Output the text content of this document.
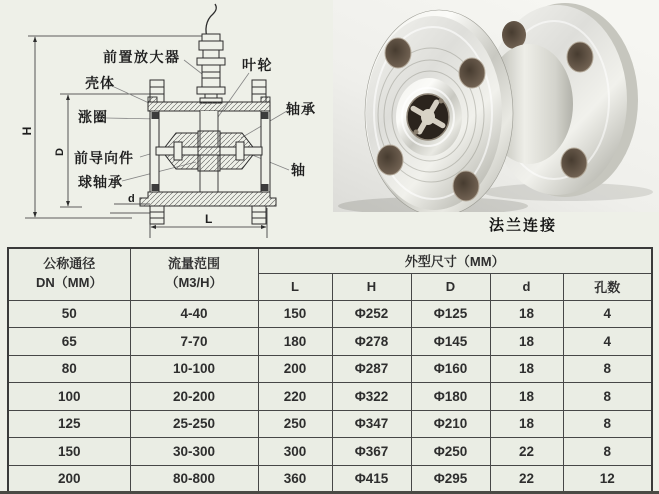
前置放大器	叶轮
壳体
涨圈	轴承
前导向件
球轴承
轴
H
D
d
L	法兰连接
公称通径
DN（MM）

流量范围
（M3/H）
	外型尺寸（MM）
		L	H	D	d	孔数
50	4-40	150	Φ252	Φ125	18	4
65	7-70	180	Φ278	Φ145	18	4
80	10-100	200	Φ287	Φ160	18	8
100	20-200	220	Φ322	Φ180	18	8
125	25-250	250	Φ347	Φ210	18	8
150	30-300	300	Φ367	Φ250	22	8
200	80-800	360	Φ415	Φ295	22	12
